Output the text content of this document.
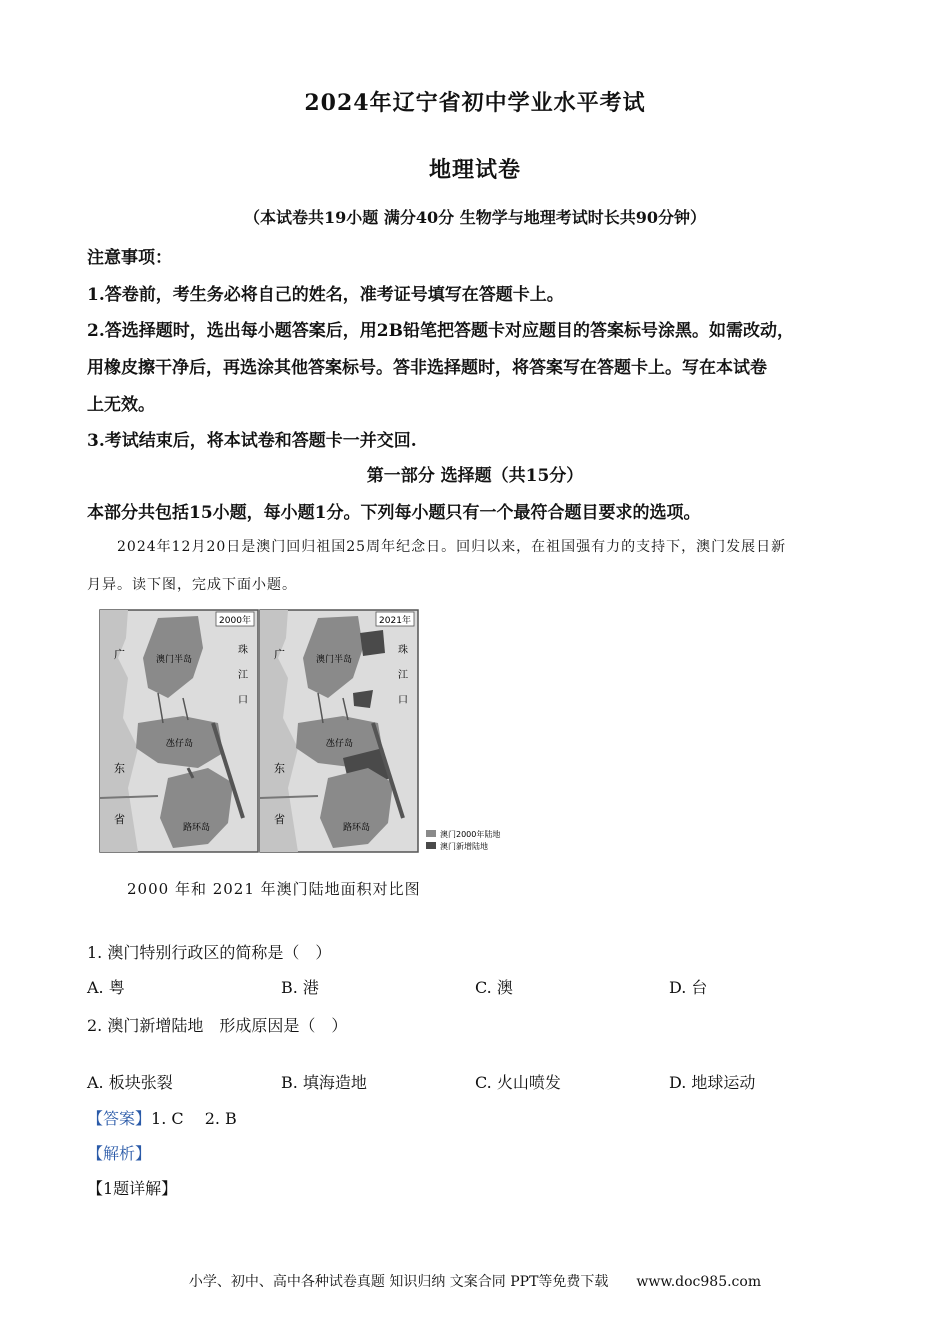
2024年辽宁省初中学业水平考试
地理试卷
（本试卷共19小题 满分40分 生物学与地理考试时长共90分钟）
注意事项：
1.答卷前，考生务必将自己的姓名，准考证号填写在答题卡上。
2.答选择题时，选出每小题答案后，用2B铅笔把答题卡对应题目的答案标号涂黑。如需改动，
用橡皮擦干净后，再选涂其他答案标号。答非选择题时，将答案写在答题卡上。写在本试卷
上无效。
3.考试结束后，将本试卷和答题卡一并交回.
第一部分 选择题（共15分）
本部分共包括15小题，每小题1分。下列每小题只有一个最符合题目要求的选项。
2024年12月20日是澳门回归祖国25周年纪念日。回归以来，在祖国强有力的支持下，澳门发展日新
月异。读下图，完成下面小题。
2000年
广
东
省
珠
江
口
澳门半岛
氹仔岛
路环岛
2021年
广
东
省
珠
江
口
澳门半岛
氹仔岛
路环岛
澳门2000年陆地
澳门新增陆地
2000 年和 2021 年澳门陆地面积对比图
1. 澳门特别行政区的简称是（　）
A. 粤	B. 港	C. 澳	D. 台
2. 澳门新增陆地　形成原因是（　）
A. 板块张裂	B. 填海造地	C. 火山喷发	D. 地球运动
【答案】1. C　 2. B
【解析】
【1题详解】
小学、初中、高中各种试卷真题 知识归纳 文案合同 PPT等免费下载　　www.doc985.com
